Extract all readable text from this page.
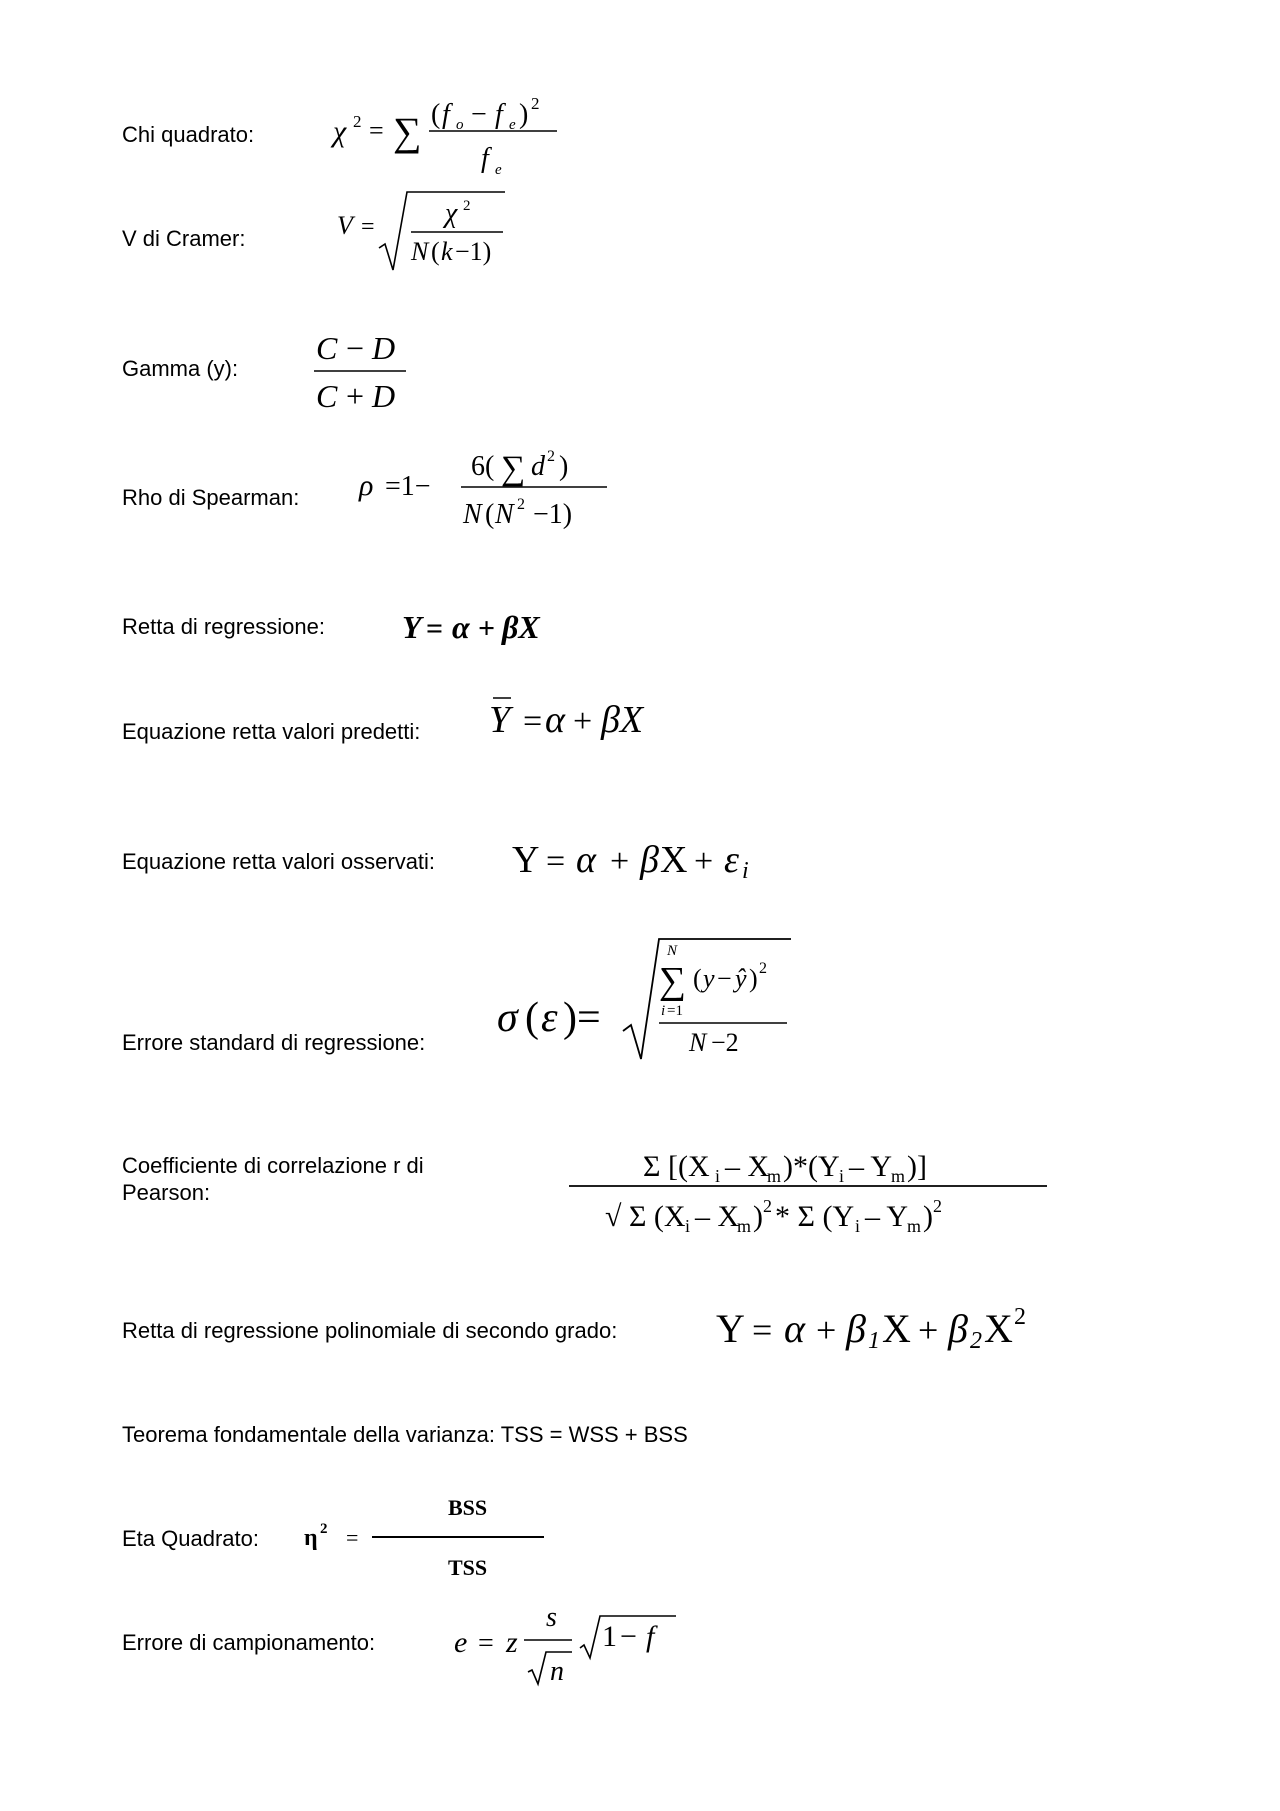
Chi quadrato:	χ 2 = ∑ ( f o − f e ) 2
f e
V di Cramer:	V =	χ 2
N ( k −1)
Gamma (y):
C − D
C + D
Rho di Spearman: ρ =1−
6( ∑ d 2 )
N ( N 2 −1)
Retta di regressione: Y = α + βX
Equazione retta valori predetti: Y = α + βX
Equazione retta valori osservati: Y = α + β X + ε i
Errore standard di regressione:
σ ( ε )=
N
∑ ( y − ŷ ) 2
i =1
N −2
Coefficiente di correlazione r di Pearson:
Σ [(X i – X
m )*(Y i – Y
m )]
√ Σ (X i – X
m ) 2 * Σ (Y i – Y
m ) 2
Retta di regressione polinomiale di secondo grado: Y = α + β 1 X + β 2 X 2
Teorema fondamentale della varianza: TSS = WSS + BSS
Eta Quadrato: η 2 =
BSS
TSS
Errore di campionamento:	e = z
s
n
1 − f
